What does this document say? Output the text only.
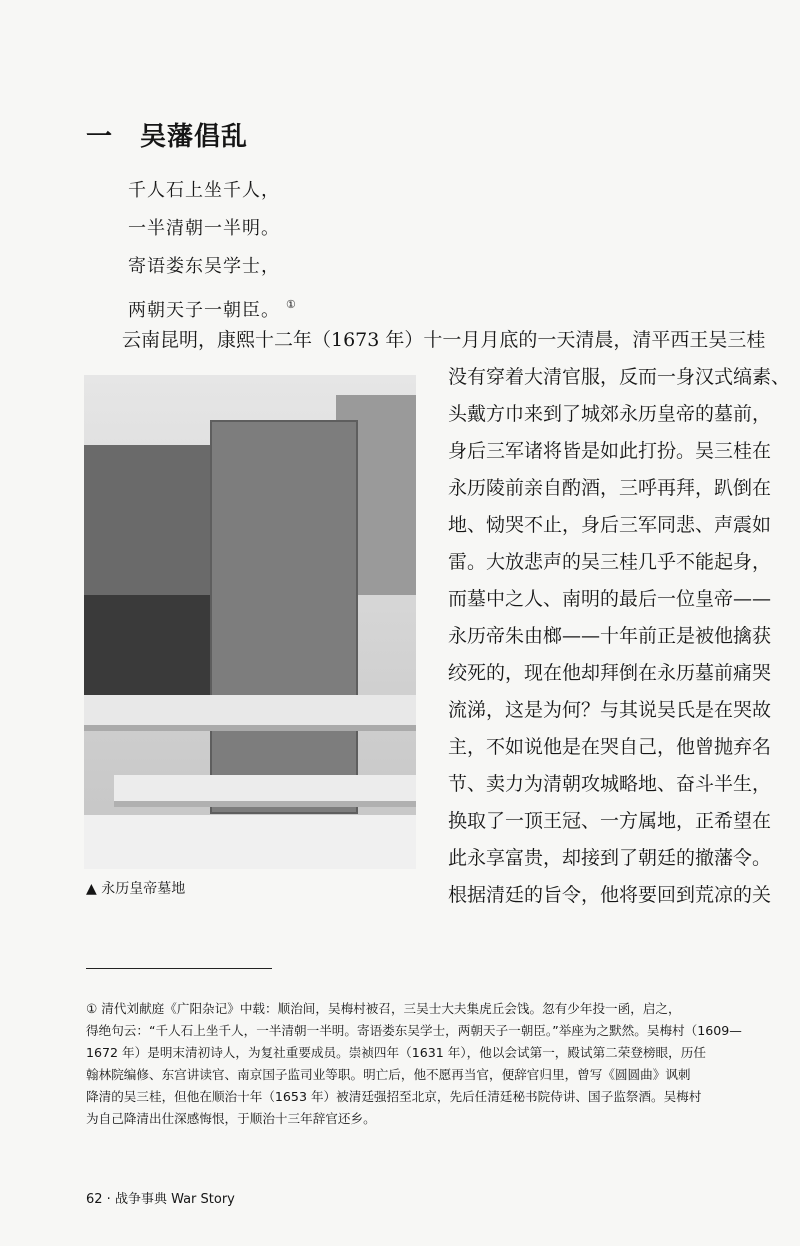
一 吴藩倡乱
千人石上坐千人，
一半清朝一半明。
寄语娄东吴学士，
两朝天子一朝臣。 ①
云南昆明，康熙十二年（1673 年）十一月月底的一天清晨，清平西王吴三桂
▲ 永历皇帝墓地
没有穿着大清官服，反而一身汉式缟素、
头戴方巾来到了城郊永历皇帝的墓前，
身后三军诸将皆是如此打扮。吴三桂在
永历陵前亲自酌酒，三呼再拜，趴倒在
地、恸哭不止，身后三军同悲、声震如
雷。大放悲声的吴三桂几乎不能起身，
而墓中之人、南明的最后一位皇帝——
永历帝朱由榔——十年前正是被他擒获
绞死的，现在他却拜倒在永历墓前痛哭
流涕，这是为何？与其说吴氏是在哭故
主，不如说他是在哭自己，他曾抛弃名
节、卖力为清朝攻城略地、奋斗半生，
换取了一顶王冠、一方属地，正希望在
此永享富贵，却接到了朝廷的撤藩令。
根据清廷的旨令，他将要回到荒凉的关
① 清代刘献庭《广阳杂记》中载：顺治间，吴梅村被召，三吴士大夫集虎丘会饯。忽有少年投一函，启之，
得绝句云：“千人石上坐千人，一半清朝一半明。寄语娄东吴学士，两朝天子一朝臣。”举座为之默然。吴梅村（1609—
1672 年）是明末清初诗人，为复社重要成员。崇祯四年（1631 年），他以会试第一，殿试第二荣登榜眼，历任
翰林院编修、东宫讲读官、南京国子监司业等职。明亡后，他不愿再当官，便辞官归里，曾写《圆圆曲》讽刺
降清的吴三桂，但他在顺治十年（1653 年）被清廷强招至北京，先后任清廷秘书院侍讲、国子监祭酒。吴梅村
为自己降清出仕深感悔恨，于顺治十三年辞官还乡。
62 · 战争事典 War Story
